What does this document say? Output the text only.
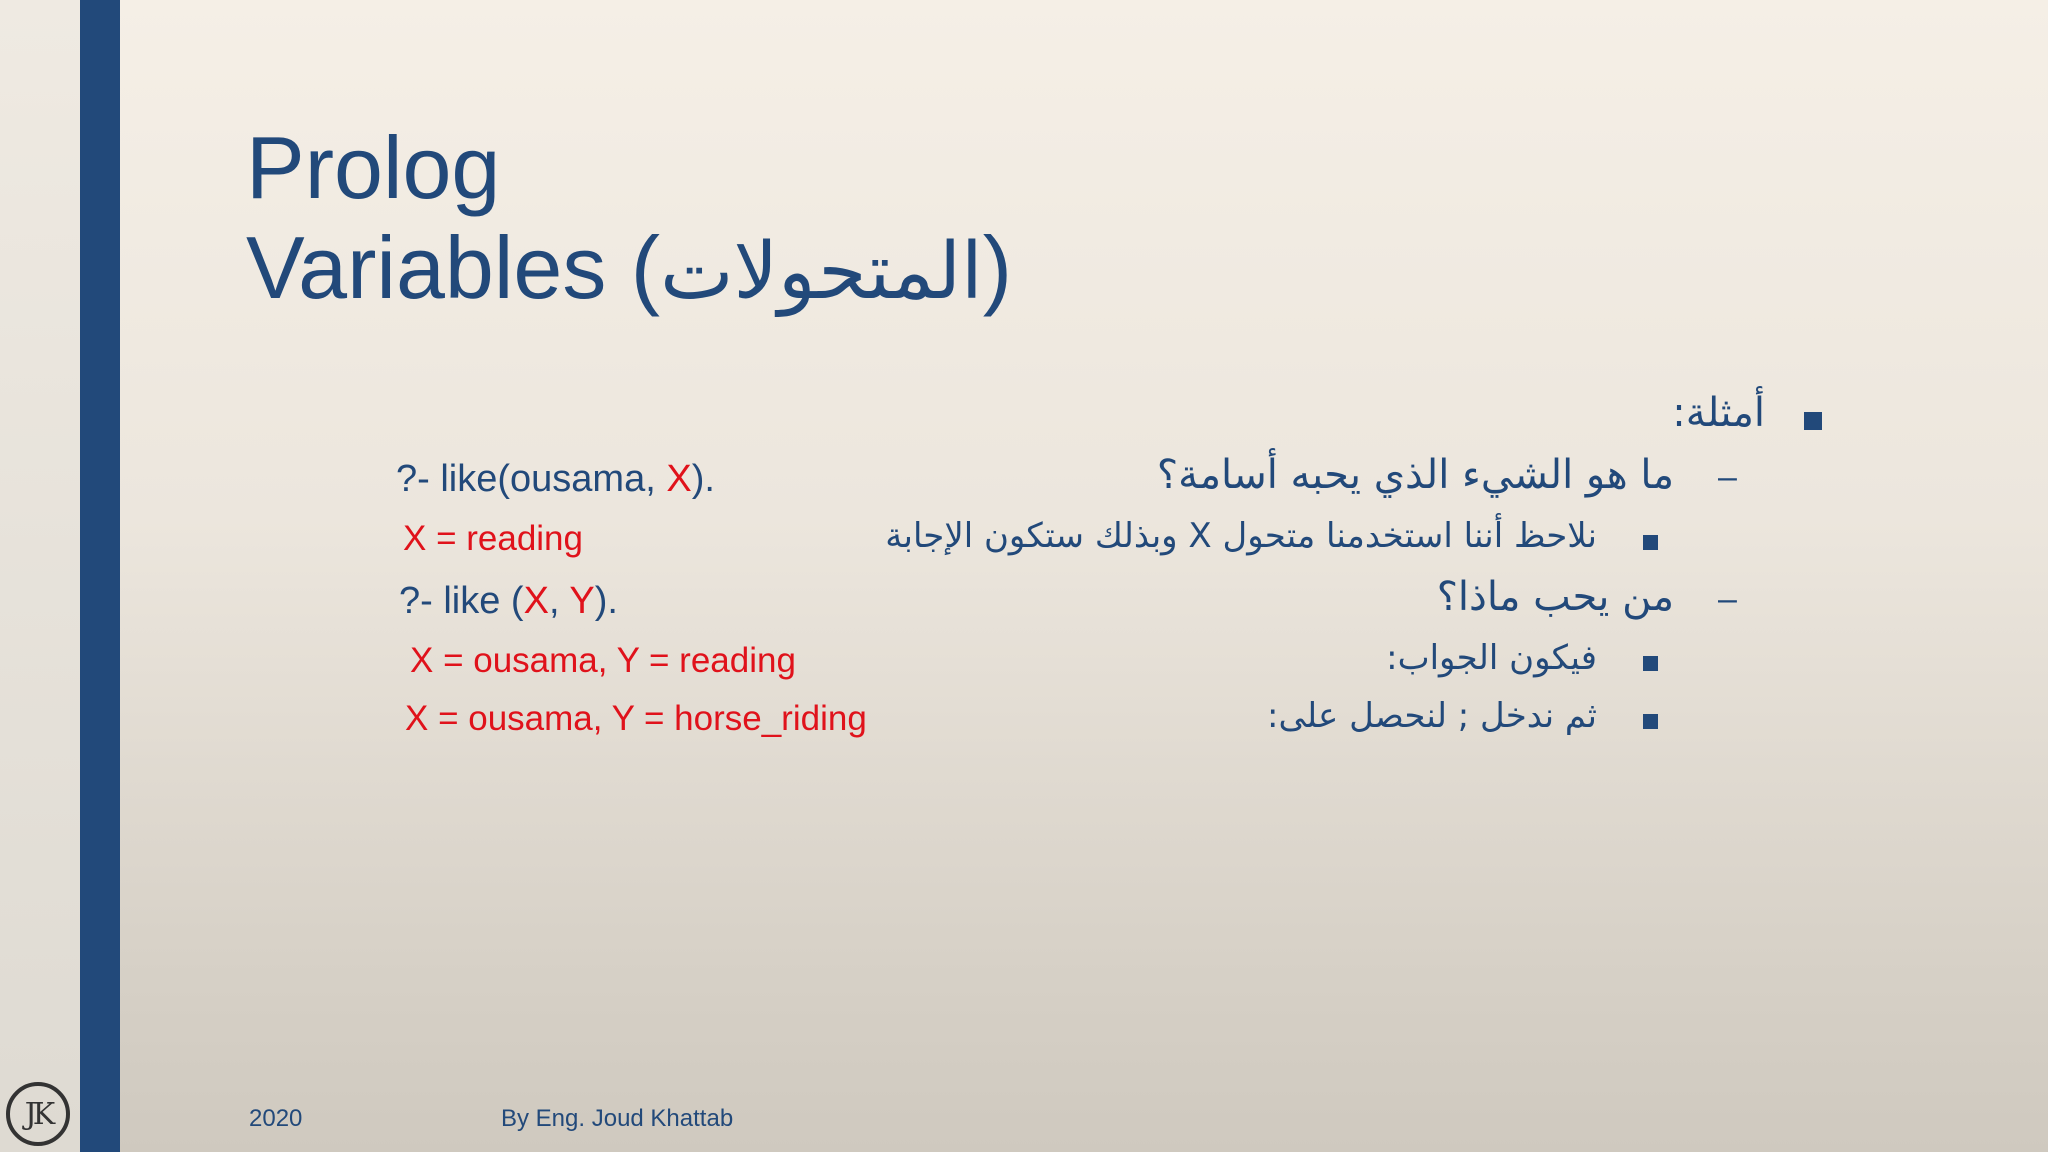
JK
Prolog
Variables (المتحولات)
أمثلة:
–
ما هو الشيء الذي يحبه أسامة؟
?- like(ousama, X).
نلاحظ أننا استخدمنا متحول X وبذلك ستكون الإجابة
X = reading
–
من يحب ماذا؟
?- like (X, Y).
فيكون الجواب:
X = ousama, Y = reading
ثم ندخل ; لنحصل على:
X = ousama, Y = horse_riding
2020	By Eng. Joud Khattab
